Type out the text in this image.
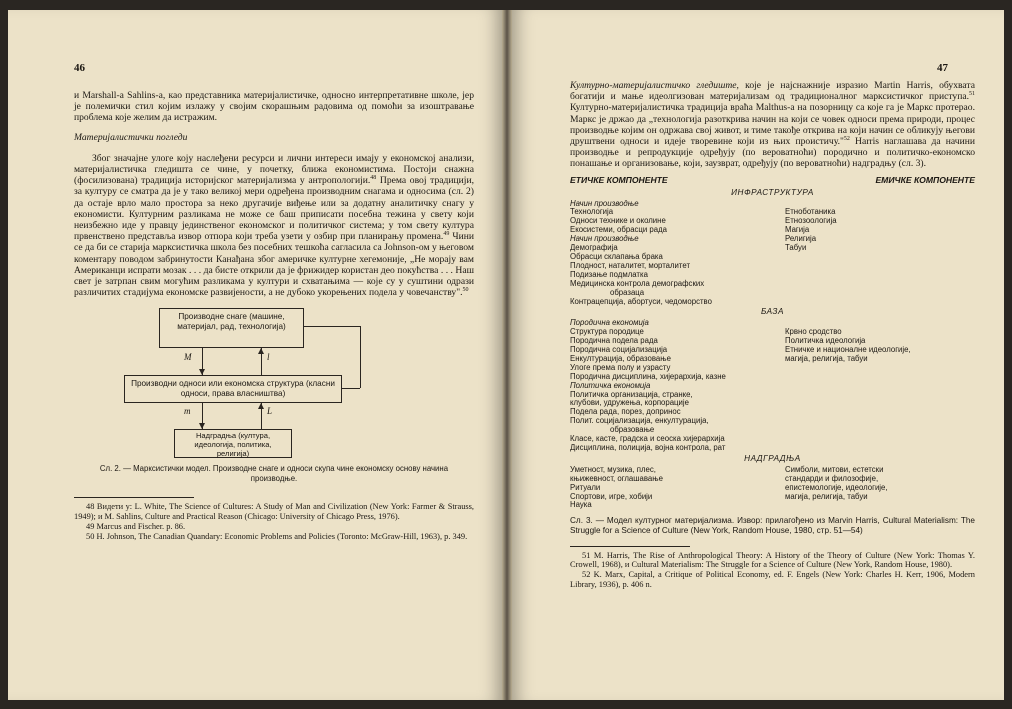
46

и Marshall-a Sahlins-a, као представника материјалистичке, односно интерпретативне школе, јер је полемички стил којим излажу у својим скорашњим радовима од помоћи за изоштравање проблема које желим да истражим.

Материјалистички погледи

Због значајне улоге коју наслеђени ресурси и лични интереси имају у економској анализи, материјалистичка гледишта се чине, у почетку, ближа економистима. Постоји снажна (фосилизована) традиција историјског материјализма у антропологији.$^{48}$ Према овој традицији, за културу се сматра да је у тако великој мери одређена производним снагама и односима (сл. 2) да остаје врло мало простора за неко другачије виђење или за додатну аналитичку снагу у економисти. Културним разликама не може се баш приписати посебна тежина у свету који неизбежно иде у правцу јединственог економског и политичког система; у том свету култура првенствено представља извор отпора који треба узети у озбир при планирању промена.$^{49}$ Чини се да би се старија марксистичка школа без посебних тешкоћа сагласила са Johnson-ом у његовом коментару поводом забринутости Канађана због америчке културне хегемоније, „Не морају вам Американци испрати мозак . . . да бисте открили да је фрижидер користан део покућства . . . Наш свет је затрпан свим могућим разликама у култури и схватањима — које су у суштини одрази различитих стадијума економске развијености, а не дубоко укорењених подела у човечанству".$^{50}$

Производне снаге (машине, материјал, рад, технологија)
M	l
Производни односи или економска структура (класни односи, права власништва)
m	L
Надградња (култура, идеологија, политика, религија)

Сл. 2. — Марксистички модел. Производне снаге и односи скупа чине економску основу начина производње.

48 Видети у: L. White, The Science of Cultures: A Study of Man and Civilization (New York: Farmer & Strauss, 1949); и M. Sahlins, Culture and Practical Reason (Chicago: University of Chicago Press, 1976).

49 Marcus and Fischer. p. 86.

50 H. Johnson, The Canadian Quandary: Economic Problems and Policies (Toronto: McGraw-Hill, 1963), p. 349.

47

Културно-материјалистичко гледиште, које је најснажније изразио Martin Harris, обухвата богатији и мање идеолгизован материјализам од традиционалног марксистичког приступа.$^{51}$ Културно-материјалистичка традиција враћа Malthus-а на позорницу са које га је Маркс протерао. Маркс је држао да „технологија разоткрива начин на који се човек односи према природи, процес производње којим он одржава свој живот, и тиме такође открива на који начин се обликују његови друштвени односи и идеје творевине који из њих проистичу."$^{52}$ Harris наглашава да начини производње и репродукције одређују (по вероватноћи) породично и политичко-економско понашање и организовање, који, заузврат, одређују (по вероватноћи) надградњу (сл. 3).

ЕТИЧКЕ КОМПОНЕНТЕ	ЕМИЧКЕ КОМПОНЕНТЕ
ИНФРАСТРУКТУРА
Начин производње
Технологија	Етноботаника
Односи технике и околине	Етнозоологија
Екосистеми, обрасци рада	Магија
Начин производње	Религија
Демографија	Табуи
Обрасци склапања брака
Плодност, наталитет, морталитет
Подизање подмлатка
Медицинска контрола демографских
образаца
Контрацепција, абортуси, чедоморство
БАЗА
Породична економија
Структура породице	Крвно сродство
Породична подела рада	Политичка идеологија
Породична социјализација	Етничке и националне идеологије,
Енкултурација, образовање	магија, религија, табуи
Улоге према полу и узрасту
Породична дисциплина, хијерархија, казне
Политичка економија
Политичка организација, странке,
клубови, удружења, корпорације
Подела рада, порез, допринос
Полит. социјализација, енкултурација,
образовање
Класе, касте, градска и сеоска хијерархија
Дисциплина, полиција, војна контрола, рат
НАДГРАДЊА
Уметност, музика, плес,	Симболи, митови, естетски
књижевност, оглашавање	стандарди и филозофије,
Ритуали	епистемологије, идеологије,
Спортови, игре, хобији	магија, религија, табуи
Наука

Сл. 3. — Модел културног материјализма. Извор: прилагођено из Marvin Harris, Cultural Materialism: The Struggle for a Science of Culture (New York, Random House, 1980, стр. 51—54)

51 M. Harris, The Rise of Anthropological Theory: A History of the Theory of Culture (New York: Thomas Y. Crowell, 1968), и Cultural Materialism: The Struggle for a Science of Culture (New York, Random House, 1980).

52 K. Marx, Capital, a Critique of Political Economy, ed. F. Engels (New York: Charles H. Kerr, 1906, Modern Library, 1936), p. 406 n.
